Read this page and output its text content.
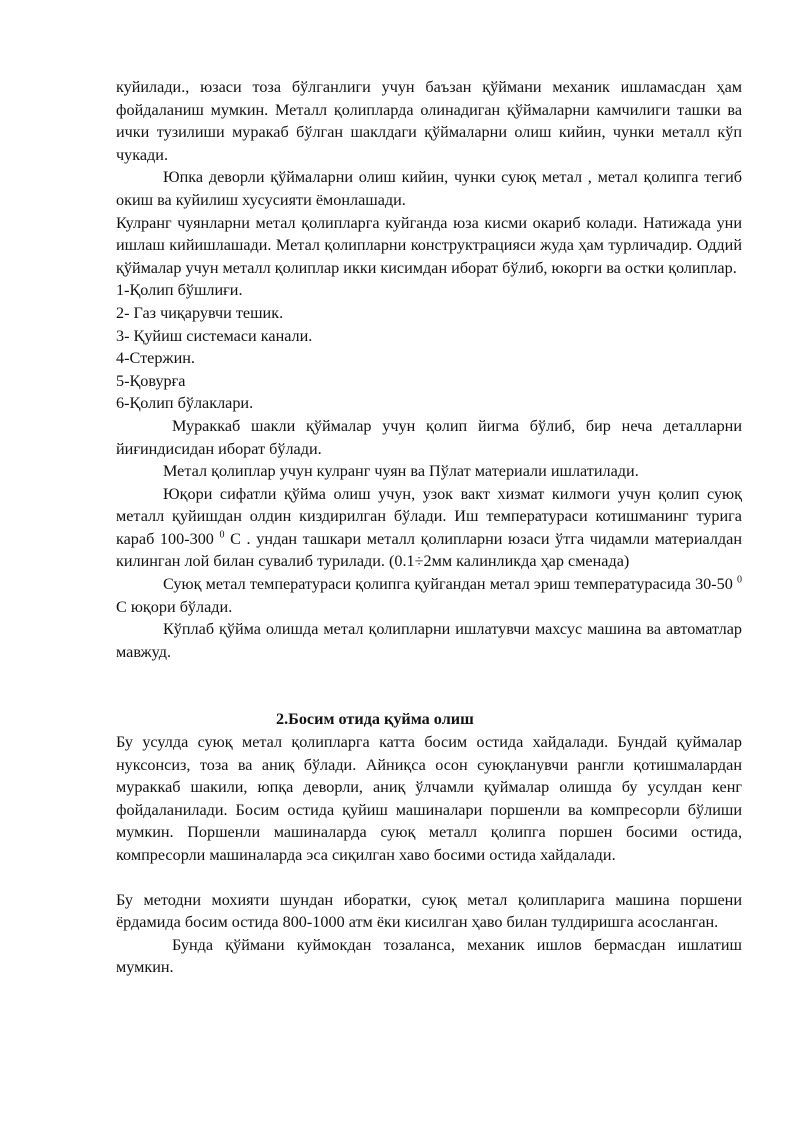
куйилади., юзаси тоза бўлганлиги учун баъзан қўймани механик ишламасдан ҳам фойдаланиш мумкин. Металл қолипларда олинадиган қўймаларни камчилиги ташки ва ички тузилиши муракаб бўлган шаклдаги қўймаларни олиш кийин, чунки металл кўп чукади.

Юпка деворли қўймаларни олиш кийин, чунки суюқ метал , метал қолипга тегиб окиш ва куйилиш хусусияти ёмонлашади.

Кулранг чуянларни метал қолипларга куйганда юза кисми окариб колади. Натижада уни ишлаш кийишлашади. Метал қолипларни конструктрацияси жуда ҳам турличадир. Оддий қўймалар учун металл қолиплар икки кисимдан иборат бўлиб, юкорги ва остки қолиплар.

1-Қолип бўшлиғи.

2- Газ чиқарувчи тешик.

3- Қуйиш системаси канали.

4-Стержин.

5-Қовурға

6-Қолип бўлаклари.

Мураккаб шакли қўймалар учун қолип йигма бўлиб, бир неча деталларни йиғиндисидан иборат бўлади.

Метал қолиплар учун кулранг чуян ва Пўлат материали ишлатилади.

Юқори сифатли қўйма олиш учун, узок вакт хизмат килмоги учун қолип суюқ металл қуйишдан олдин киздирилган бўлади. Иш температураси котишманинг турига караб 100-300 $^0$ С . ундан ташкари металл қолипларни юзаси ўтга чидамли материалдан килинган лой билан сувалиб турилади. (0.1÷2мм калинликда ҳар сменада)

Суюқ метал температураси қолипга қуйгандан метал эриш температурасида 30-50 $^0$ С юқори бўлади.

Кўплаб қўйма олишда метал қолипларни ишлатувчи махсус машина ва автоматлар мавжуд.

2.Босим отида қуйма олиш

Бу усулда суюқ метал қолипларга катта босим остида хайдалади. Бундай қуймалар нуксонсиз, тоза ва аниқ бўлади. Айниқса осон суюқланувчи рангли қотишмалардан мураккаб шакили, юпқа деворли, аниқ ўлчамли қуймалар олишда бу усулдан кенг фойдаланилади. Босим остида қуйиш машиналари поршенли ва компресорли бўлиши мумкин. Поршенли машиналарда суюқ металл қолипга поршен босими остида, компресорли машиналарда эса сиқилган хаво босими остида хайдалади.

Бу методни мохияти шундан иборатки, суюқ метал қолипларига машина поршени ёрдамида босим остида 800-1000 атм ёки кисилган ҳаво билан тулдиришга асосланган.

Бунда қўймани куймокдан тозаланса, механик ишлов бермасдан ишлатиш мумкин.
